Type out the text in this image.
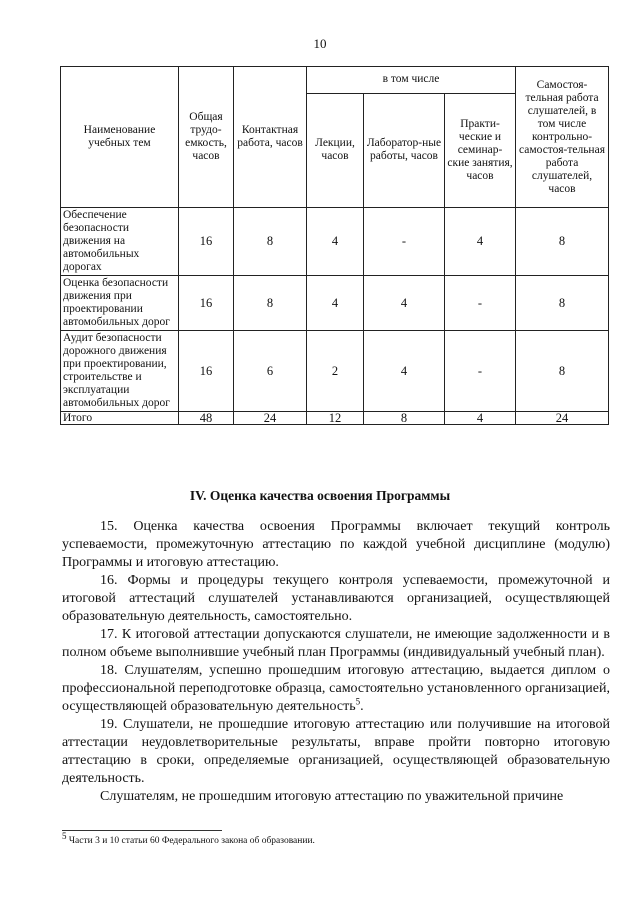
10
Наименование учебных тем	Общая трудо-емкость, часов	Контактная работа, часов	в том числе			Самостоя-тельная работа слушателей, в том числе контрольно-самостоя-тельная работа слушателей, часов
			Лекции, часов	Лаборатор-ные работы, часов	Практи-ческие и семинар-ские занятия, часов	
Обеспечение безопасности движения на автомобильных дорогах	16	8	4	-	4	8
Оценка безопасности движения при проектировании автомобильных дорог	16	8	4	4	-	8
Аудит безопасности дорожного движения при проектировании, строительстве и эксплуатации автомобильных дорог	16	6	2	4	-	8
Итого	48	24	12	8	4	24
IV. Оценка качества освоения Программы

15. Оценка качества освоения Программы включает текущий контроль успеваемости, промежуточную аттестацию по каждой учебной дисциплине (модулю) Программы и итоговую аттестацию.

16. Формы и процедуры текущего контроля успеваемости, промежуточной и итоговой аттестаций слушателей устанавливаются организацией, осуществляющей образовательную деятельность, самостоятельно.

17. К итоговой аттестации допускаются слушатели, не имеющие задолженности и в полном объеме выполнившие учебный план Программы (индивидуальный учебный план).

18. Слушателям, успешно прошедшим итоговую аттестацию, выдается диплом о профессиональной переподготовке образца, самостоятельно установленного организацией, осуществляющей образовательную деятельность$^5$.

19. Слушатели, не прошедшие итоговую аттестацию или получившие на итоговой аттестации неудовлетворительные результаты, вправе пройти повторно итоговую аттестацию в сроки, определяемые организацией, осуществляющей образовательную деятельность.

Слушателям, не прошедшим итоговую аттестацию по уважительной причине

$^5$ Части 3 и 10 статьи 60 Федерального закона об образовании.
